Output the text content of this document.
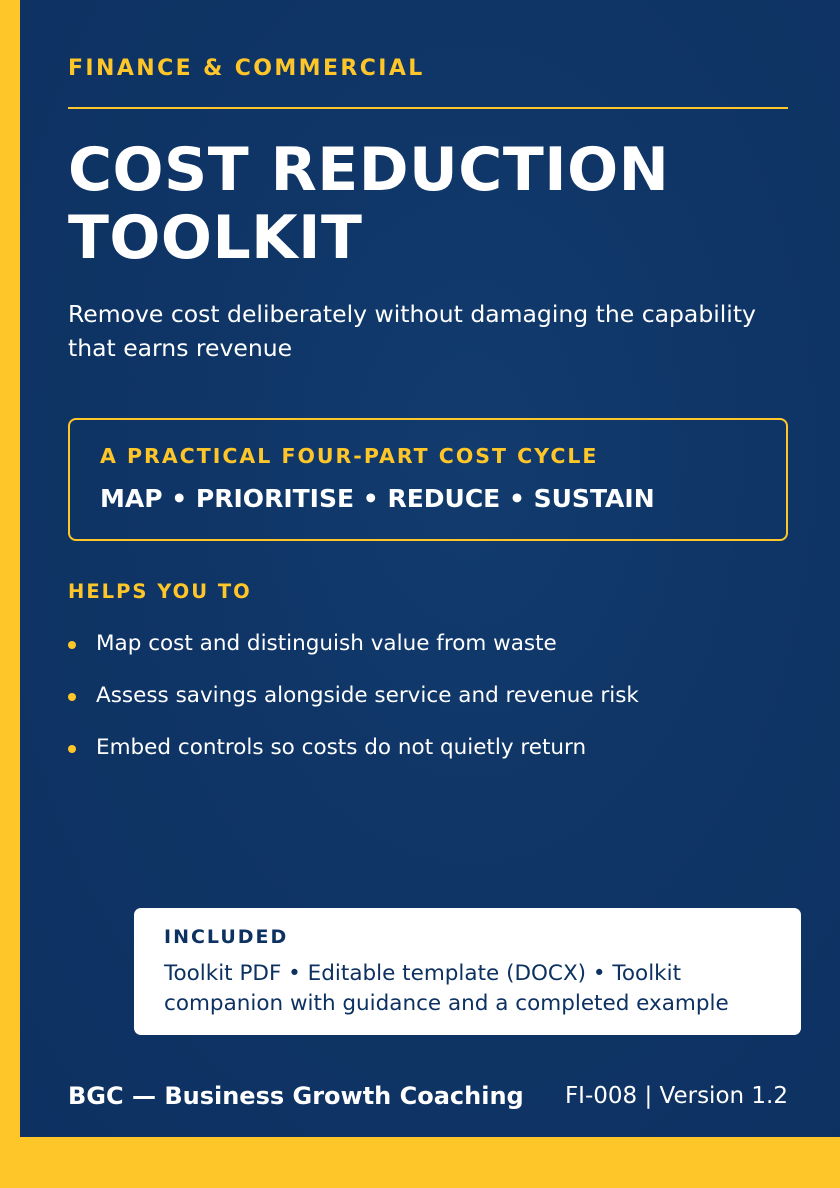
FINANCE & COMMERCIAL
COST REDUCTION TOOLKIT
Remove cost deliberately without damaging the capability that earns revenue
A PRACTICAL FOUR-PART COST CYCLE
MAP • PRIORITISE • REDUCE • SUSTAIN
HELPS YOU TO
Map cost and distinguish value from waste
Assess savings alongside service and revenue risk
Embed controls so costs do not quietly return
INCLUDED
Toolkit PDF • Editable template (DOCX) • Toolkit companion with guidance and a completed example
BGC — Business Growth Coaching FI-008 | Version 1.2
